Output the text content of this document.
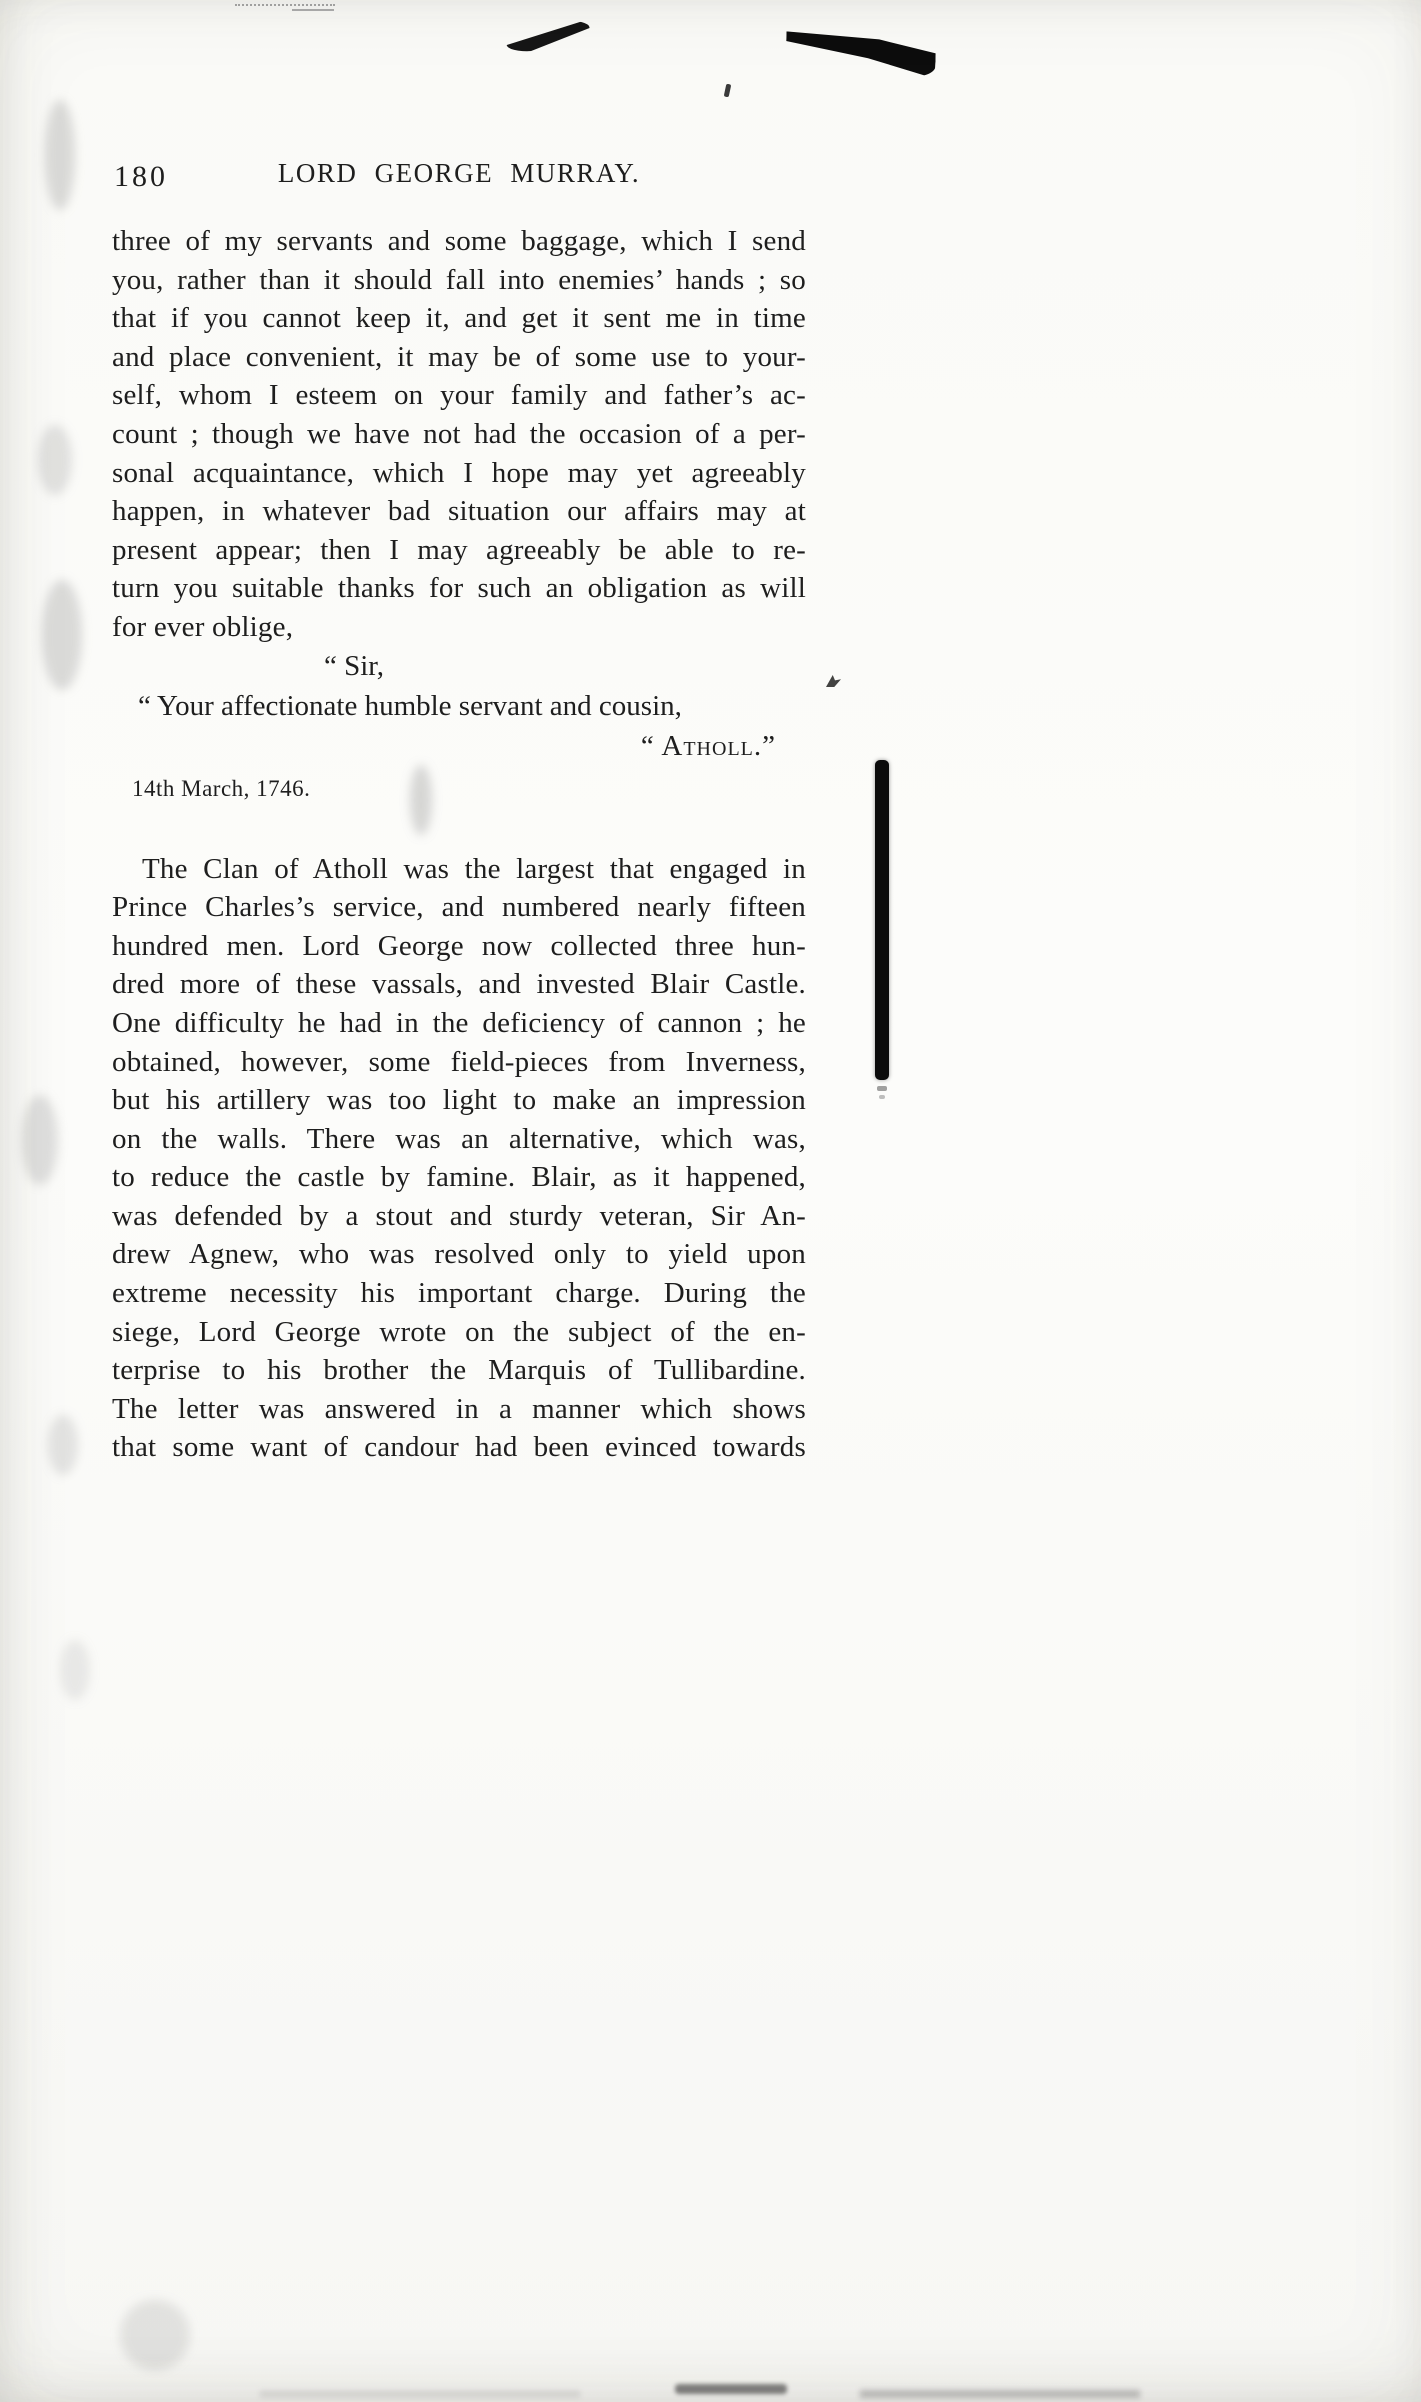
180	LORD GEORGE MURRAY.
three of my servants and some baggage, which I send
you, rather than it should fall into enemies’ hands ; so
that if you cannot keep it, and get it sent me in time
and place convenient, it may be of some use to your-
self, whom I esteem on your family and father’s ac-
count ; though we have not had the occasion of a per-
sonal acquaintance, which I hope may yet agreeably
happen, in whatever bad situation our affairs may at
present appear; then I may agreeably be able to re-
turn you suitable thanks for such an obligation as will
for ever oblige,
“ Sir,
“ Your affectionate humble servant and cousin,
“ Atholl.”
14th March, 1746.
The Clan of Atholl was the largest that engaged in
Prince Charles’s service, and numbered nearly fifteen
hundred men. Lord George now collected three hun-
dred more of these vassals, and invested Blair Castle.
One difficulty he had in the deficiency of cannon ; he
obtained, however, some field-pieces from Inverness,
but his artillery was too light to make an impression
on the walls. There was an alternative, which was,
to reduce the castle by famine. Blair, as it happened,
was defended by a stout and sturdy veteran, Sir An-
drew Agnew, who was resolved only to yield upon
extreme necessity his important charge. During the
siege, Lord George wrote on the subject of the en-
terprise to his brother the Marquis of Tullibardine.
The letter was answered in a manner which shows
that some want of candour had been evinced towards
